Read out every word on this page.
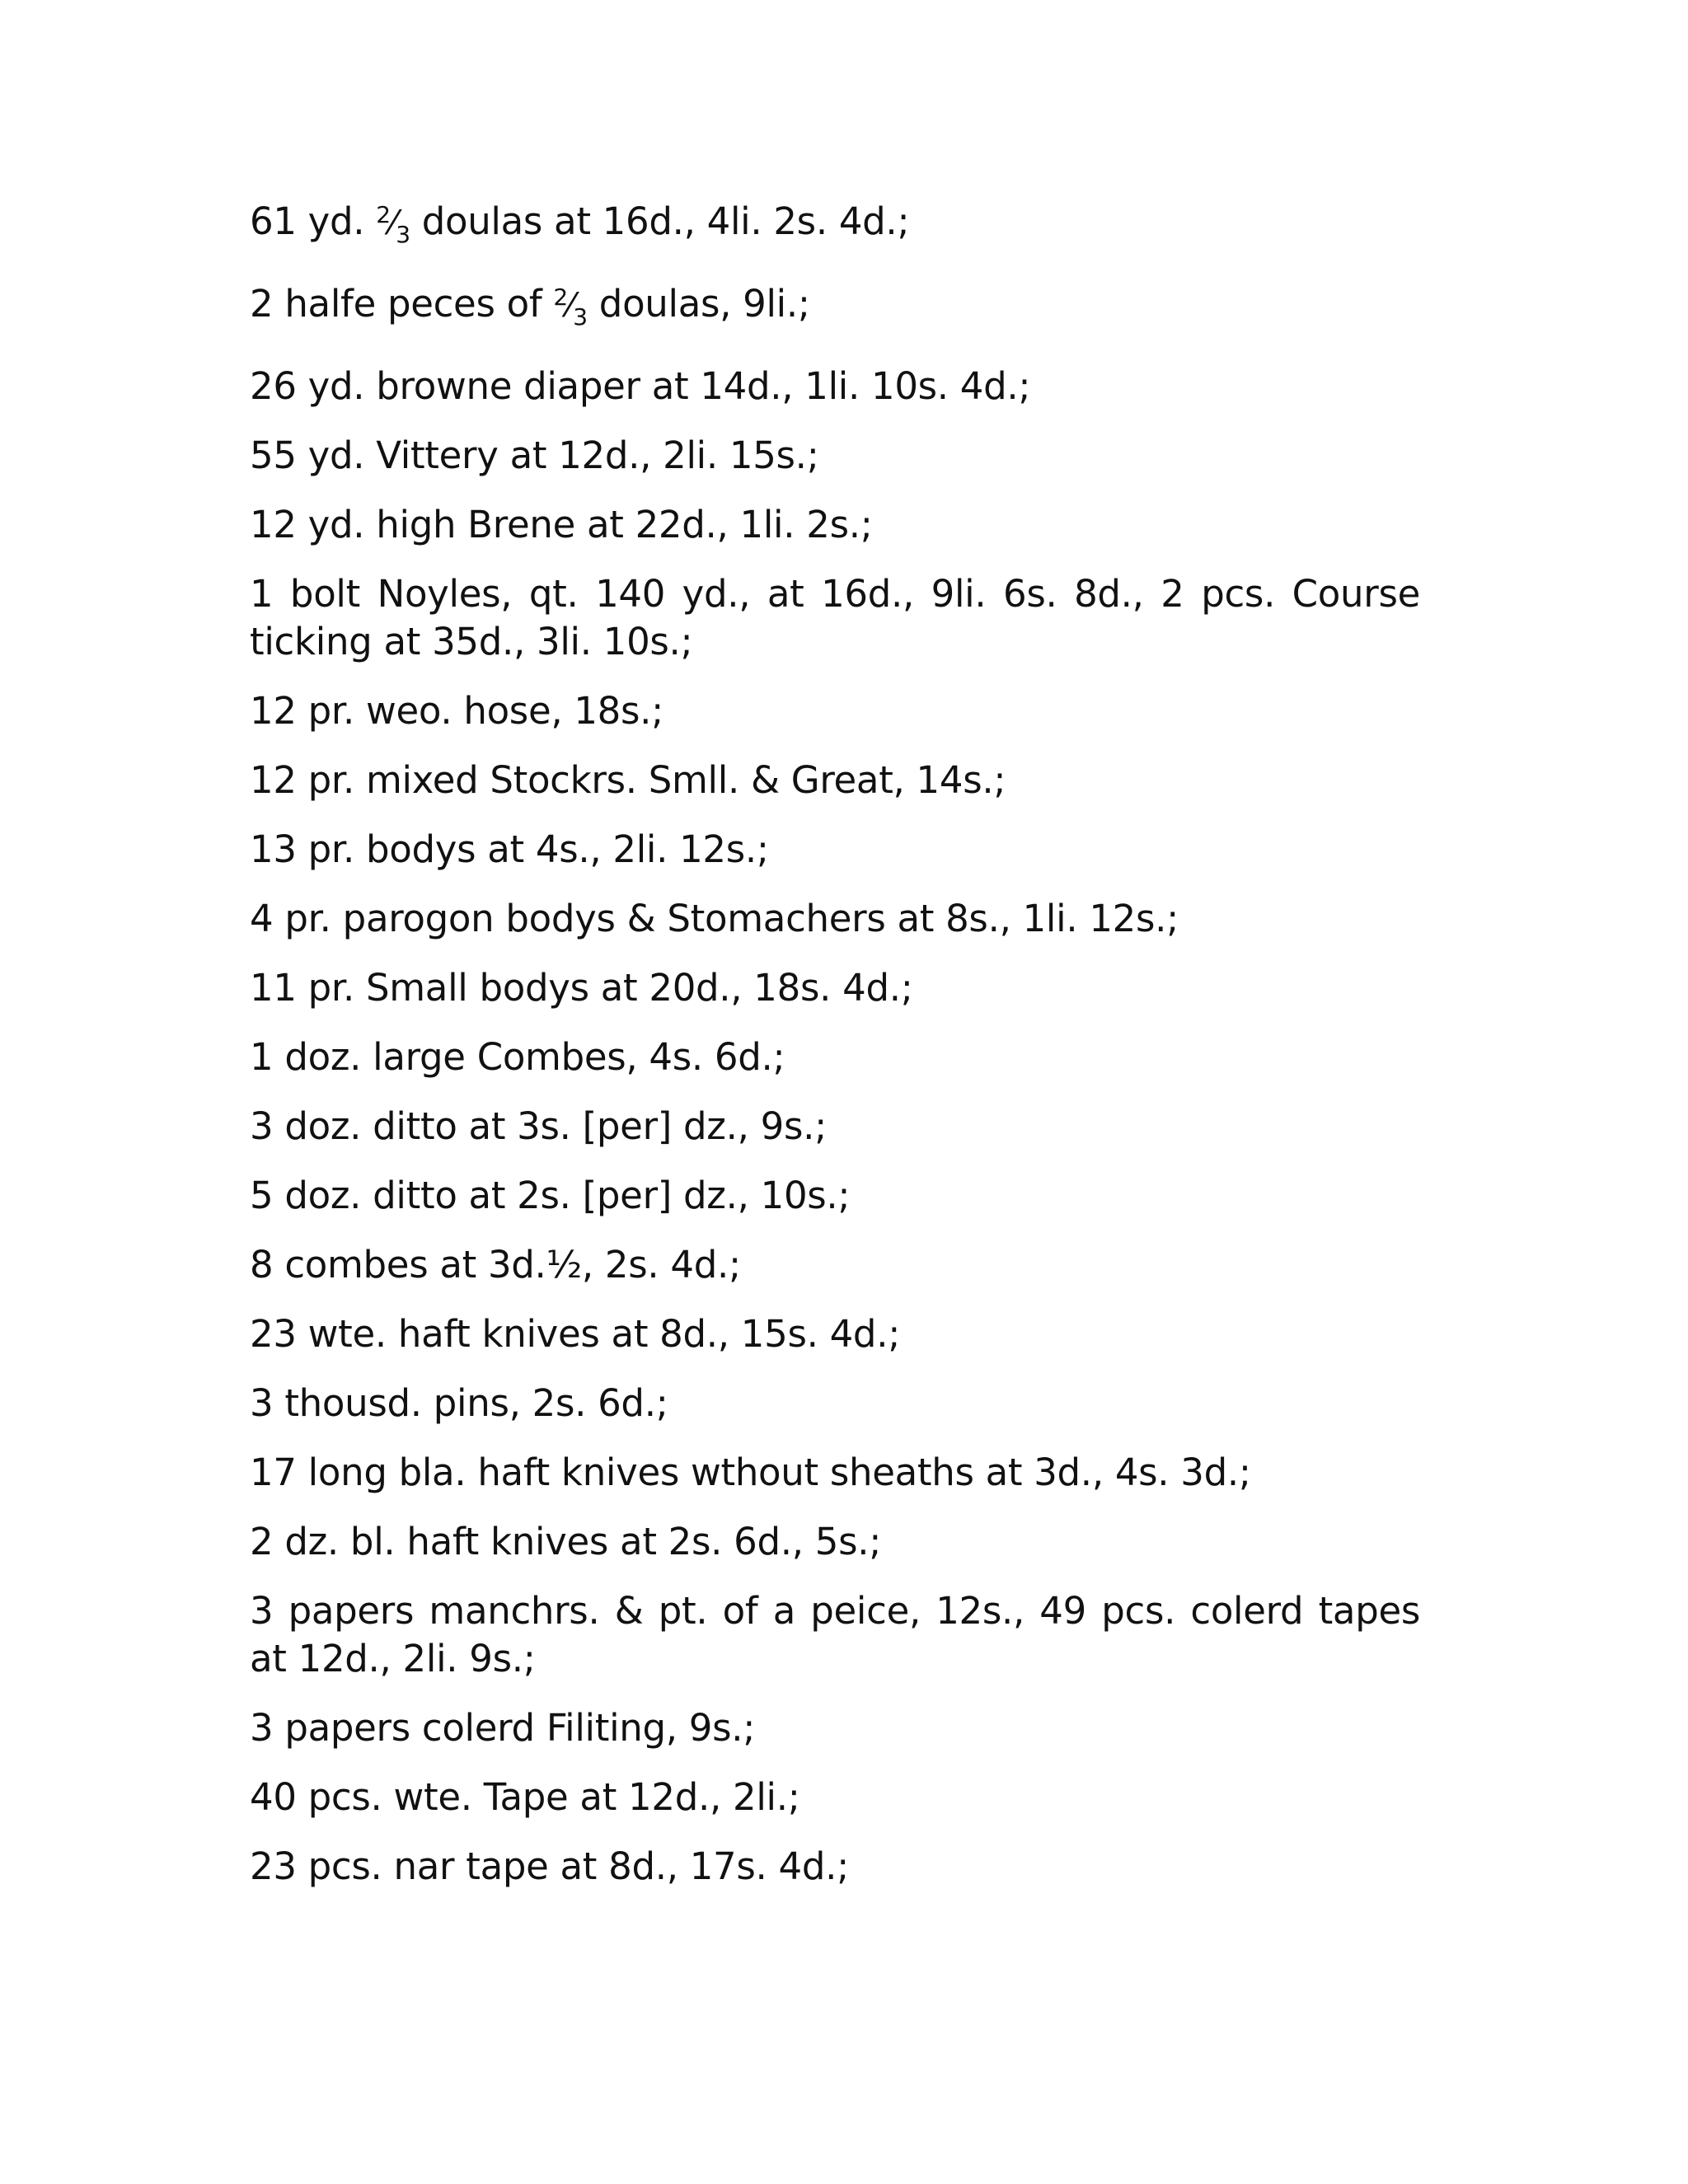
61 yd. $^2⁄_3$ doulas at 16d., 4li. 2s. 4d.;
2 halfe peces of $^2⁄_3$ doulas, 9li.;
26 yd. browne diaper at 14d., 1li. 10s. 4d.;
55 yd. Vittery at 12d., 2li. 15s.;
12 yd. high Brene at 22d., 1li. 2s.;
1 bolt Noyles, qt. 140 yd., at 16d., 9li. 6s. 8d., 2 pcs. Course ticking at 35d., 3li. 10s.;
12 pr. weo. hose, 18s.;
12 pr. mixed Stockrs. Smll. & Great, 14s.;
13 pr. bodys at 4s., 2li. 12s.;
4 pr. parogon bodys & Stomachers at 8s., 1li. 12s.;
11 pr. Small bodys at 20d., 18s. 4d.;
1 doz. large Combes, 4s. 6d.;
3 doz. ditto at 3s. [per] dz., 9s.;
5 doz. ditto at 2s. [per] dz., 10s.;
8 combes at 3d.½, 2s. 4d.;
23 wte. haft knives at 8d., 15s. 4d.;
3 thousd. pins, 2s. 6d.;
17 long bla. haft knives wthout sheaths at 3d., 4s. 3d.;
2 dz. bl. haft knives at 2s. 6d., 5s.;
3 papers manchrs. & pt. of a peice, 12s., 49 pcs. colerd tapes at 12d., 2li. 9s.;
3 papers colerd Filiting, 9s.;
40 pcs. wte. Tape at 12d., 2li.;
23 pcs. nar tape at 8d., 17s. 4d.;
